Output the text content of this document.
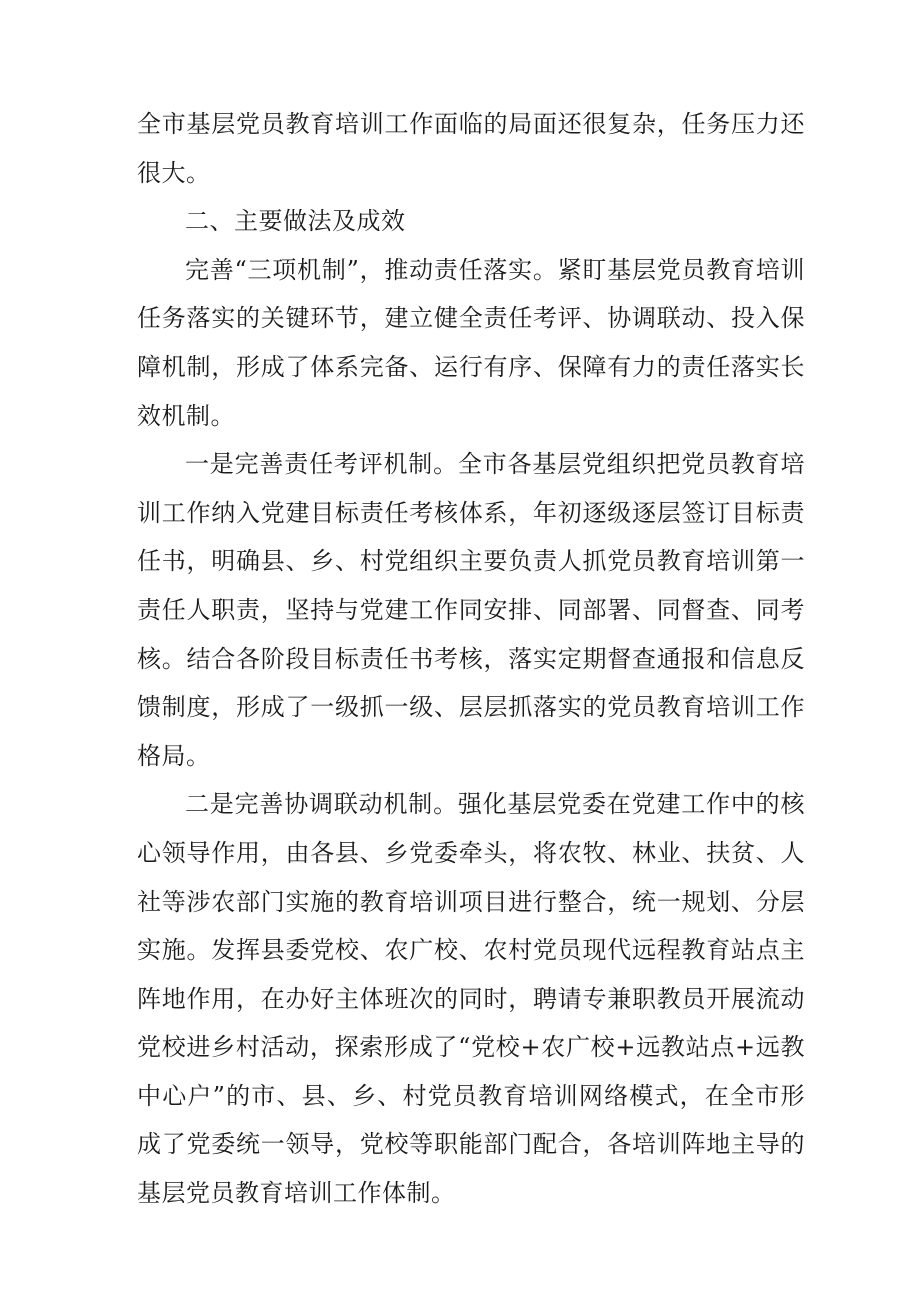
全市基层党员教育培训工作面临的局面还很复杂，任务压力还很大。

二、主要做法及成效

完善“三项机制”，推动责任落实。紧盯基层党员教育培训任务落实的关键环节，建立健全责任考评、协调联动、投入保障机制，形成了体系完备、运行有序、保障有力的责任落实长效机制。

一是完善责任考评机制。全市各基层党组织把党员教育培训工作纳入党建目标责任考核体系，年初逐级逐层签订目标责任书，明确县、乡、村党组织主要负责人抓党员教育培训第一责任人职责，坚持与党建工作同安排、同部署、同督查、同考核。结合各阶段目标责任书考核，落实定期督查通报和信息反馈制度，形成了一级抓一级、层层抓落实的党员教育培训工作格局。

二是完善协调联动机制。强化基层党委在党建工作中的核心领导作用，由各县、乡党委牵头，将农牧、林业、扶贫、人社等涉农部门实施的教育培训项目进行整合，统一规划、分层实施。发挥县委党校、农广校、农村党员现代远程教育站点主阵地作用，在办好主体班次的同时，聘请专兼职教员开展流动党校进乡村活动，探索形成了“党校+农广校+远教站点+远教中心户”的市、县、乡、村党员教育培训网络模式，在全市形成了党委统一领导，党校等职能部门配合，各培训阵地主导的基层党员教育培训工作体制。
